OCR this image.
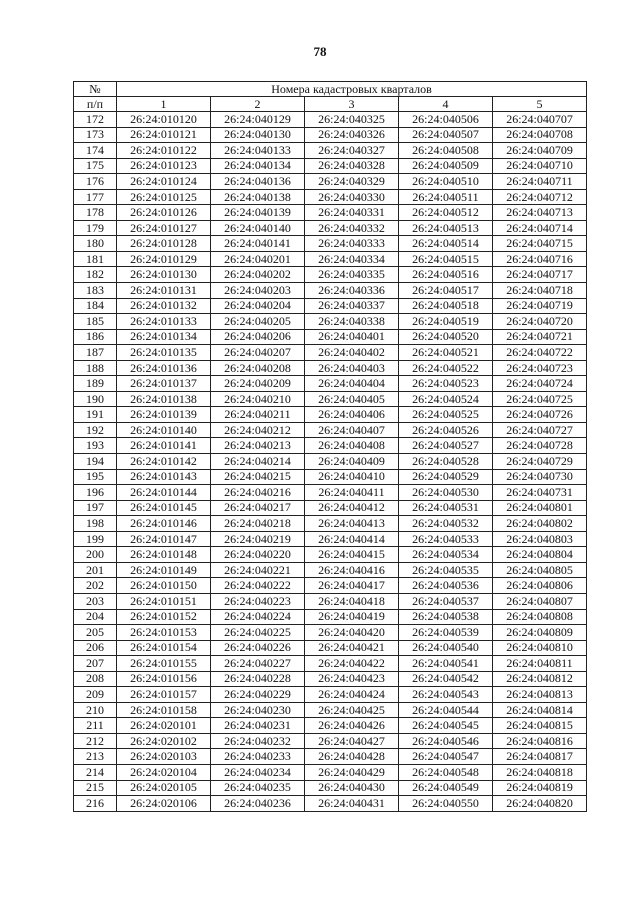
78
№	Номера кадастровых кварталов				
п/п	1	2	3	4	5
172	26:24:010120	26:24:040129	26:24:040325	26:24:040506	26:24:040707
173	26:24:010121	26:24:040130	26:24:040326	26:24:040507	26:24:040708
174	26:24:010122	26:24:040133	26:24:040327	26:24:040508	26:24:040709
175	26:24:010123	26:24:040134	26:24:040328	26:24:040509	26:24:040710
176	26:24:010124	26:24:040136	26:24:040329	26:24:040510	26:24:040711
177	26:24:010125	26:24:040138	26:24:040330	26:24:040511	26:24:040712
178	26:24:010126	26:24:040139	26:24:040331	26:24:040512	26:24:040713
179	26:24:010127	26:24:040140	26:24:040332	26:24:040513	26:24:040714
180	26:24:010128	26:24:040141	26:24:040333	26:24:040514	26:24:040715
181	26:24:010129	26:24:040201	26:24:040334	26:24:040515	26:24:040716
182	26:24:010130	26:24:040202	26:24:040335	26:24:040516	26:24:040717
183	26:24:010131	26:24:040203	26:24:040336	26:24:040517	26:24:040718
184	26:24:010132	26:24:040204	26:24:040337	26:24:040518	26:24:040719
185	26:24:010133	26:24:040205	26:24:040338	26:24:040519	26:24:040720
186	26:24:010134	26:24:040206	26:24:040401	26:24:040520	26:24:040721
187	26:24:010135	26:24:040207	26:24:040402	26:24:040521	26:24:040722
188	26:24:010136	26:24:040208	26:24:040403	26:24:040522	26:24:040723
189	26:24:010137	26:24:040209	26:24:040404	26:24:040523	26:24:040724
190	26:24:010138	26:24:040210	26:24:040405	26:24:040524	26:24:040725
191	26:24:010139	26:24:040211	26:24:040406	26:24:040525	26:24:040726
192	26:24:010140	26:24:040212	26:24:040407	26:24:040526	26:24:040727
193	26:24:010141	26:24:040213	26:24:040408	26:24:040527	26:24:040728
194	26:24:010142	26:24:040214	26:24:040409	26:24:040528	26:24:040729
195	26:24:010143	26:24:040215	26:24:040410	26:24:040529	26:24:040730
196	26:24:010144	26:24:040216	26:24:040411	26:24:040530	26:24:040731
197	26:24:010145	26:24:040217	26:24:040412	26:24:040531	26:24:040801
198	26:24:010146	26:24:040218	26:24:040413	26:24:040532	26:24:040802
199	26:24:010147	26:24:040219	26:24:040414	26:24:040533	26:24:040803
200	26:24:010148	26:24:040220	26:24:040415	26:24:040534	26:24:040804
201	26:24:010149	26:24:040221	26:24:040416	26:24:040535	26:24:040805
202	26:24:010150	26:24:040222	26:24:040417	26:24:040536	26:24:040806
203	26:24:010151	26:24:040223	26:24:040418	26:24:040537	26:24:040807
204	26:24:010152	26:24:040224	26:24:040419	26:24:040538	26:24:040808
205	26:24:010153	26:24:040225	26:24:040420	26:24:040539	26:24:040809
206	26:24:010154	26:24:040226	26:24:040421	26:24:040540	26:24:040810
207	26:24:010155	26:24:040227	26:24:040422	26:24:040541	26:24:040811
208	26:24:010156	26:24:040228	26:24:040423	26:24:040542	26:24:040812
209	26:24:010157	26:24:040229	26:24:040424	26:24:040543	26:24:040813
210	26:24:010158	26:24:040230	26:24:040425	26:24:040544	26:24:040814
211	26:24:020101	26:24:040231	26:24:040426	26:24:040545	26:24:040815
212	26:24:020102	26:24:040232	26:24:040427	26:24:040546	26:24:040816
213	26:24:020103	26:24:040233	26:24:040428	26:24:040547	26:24:040817
214	26:24:020104	26:24:040234	26:24:040429	26:24:040548	26:24:040818
215	26:24:020105	26:24:040235	26:24:040430	26:24:040549	26:24:040819
216	26:24:020106	26:24:040236	26:24:040431	26:24:040550	26:24:040820
